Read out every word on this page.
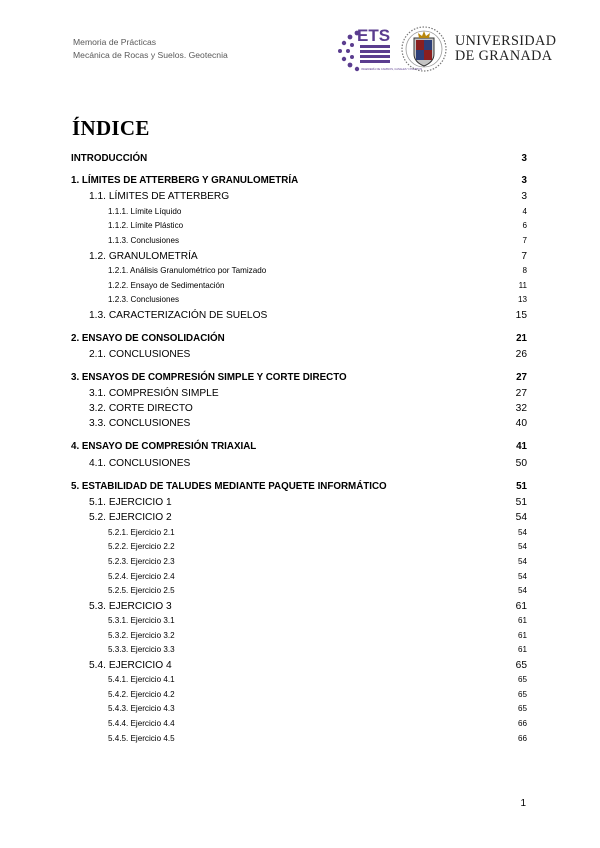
Memoria de Prácticas
Mecánica de Rocas y Suelos. Geotecnia
ETS
INGENIERÍA DE CAMINOS, CANALES Y PUERTOS
UNIVERSIDAD
DE GRANADA
ÍNDICE
INTRODUCCIÓN	3
1. LÍMITES DE ATTERBERG Y GRANULOMETRÍA	3
1.1. LÍMITES DE ATTERBERG	3
1.1.1. Límite Líquido	4
1.1.2. Límite Plástico	6
1.1.3. Conclusiones	7
1.2. GRANULOMETRÍA	7
1.2.1. Análisis Granulométrico por Tamizado	8
1.2.2. Ensayo de Sedimentación	11
1.2.3. Conclusiones	13
1.3. CARACTERIZACIÓN DE SUELOS	15
2. ENSAYO DE CONSOLIDACIÓN	21
2.1. CONCLUSIONES	26
3. ENSAYOS DE COMPRESIÓN SIMPLE Y CORTE DIRECTO	27
3.1. COMPRESIÓN SIMPLE	27
3.2. CORTE DIRECTO	32
3.3. CONCLUSIONES	40
4. ENSAYO DE COMPRESIÓN TRIAXIAL	41
4.1. CONCLUSIONES	50
5. ESTABILIDAD DE TALUDES MEDIANTE PAQUETE INFORMÁTICO	51
5.1. EJERCICIO 1	51
5.2. EJERCICIO 2	54
5.2.1. Ejercicio 2.1	54
5.2.2. Ejercicio 2.2	54
5.2.3. Ejercicio 2.3	54
5.2.4. Ejercicio 2.4	54
5.2.5. Ejercicio 2.5	54
5.3. EJERCICIO 3	61
5.3.1. Ejercicio 3.1	61
5.3.2. Ejercicio 3.2	61
5.3.3. Ejercicio 3.3	61
5.4. EJERCICIO 4	65
5.4.1. Ejercicio 4.1	65
5.4.2. Ejercicio 4.2	65
5.4.3. Ejercicio 4.3	65
5.4.4. Ejercicio 4.4	66
5.4.5. Ejercicio 4.5	66
1
